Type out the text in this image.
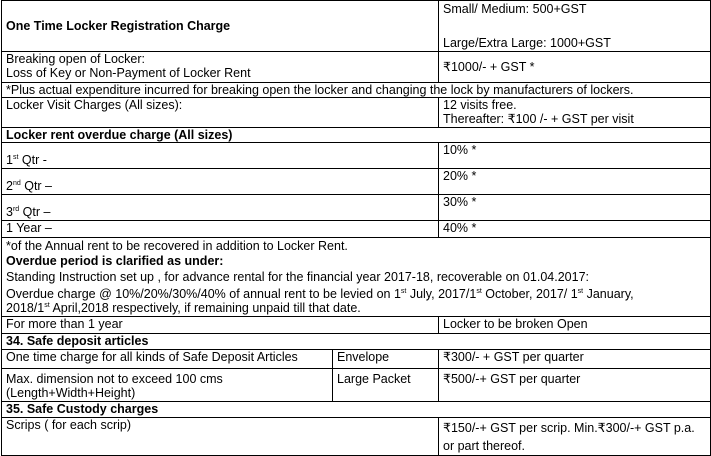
One Time Locker Registration Charge		Small/ Medium: 500+GST
Large/Extra Large: 1000+GST

Breaking open of Locker:
Loss of Key or Non-Payment of Locker Rent		₹1000/- + GST *
*Plus actual expenditure incurred for breaking open the locker and changing the lock by manufacturers of lockers.		
Locker Visit Charges (All sizes):		12 visits free.
Thereafter: ₹100 /- + GST per visit

Locker rent overdue charge (All sizes)		
1st Qtr -		10% *
2nd Qtr –		20% *
3rd Qtr –		30% *
1 Year –		40% *

*of the Annual rent to be recovered in addition to Locker Rent.
Overdue period is clarified as under:
Standing Instruction set up , for advance rental for the financial year 2017-18, recoverable on 01.04.2017:
Overdue charge @ 10%/20%/30%/40% of annual rent to be levied on 1st July, 2017/1st October, 2017/ 1st January,
2018/1st April,2018 respectively, if remaining unpaid till that date.		

For more than 1 year		Locker to be broken Open
34. Safe deposit articles		
One time charge for all kinds of Safe Deposit Articles	Envelope	₹300/- + GST per quarter

Max. dimension not to exceed 100 cms
(Length+Width+Height)	Large Packet	₹500/-+ GST per quarter
35. Safe Custody charges		
Scrips ( for each scrip)		₹150/-+ GST per scrip. Min.₹300/-+ GST p.a.
or part thereof.
